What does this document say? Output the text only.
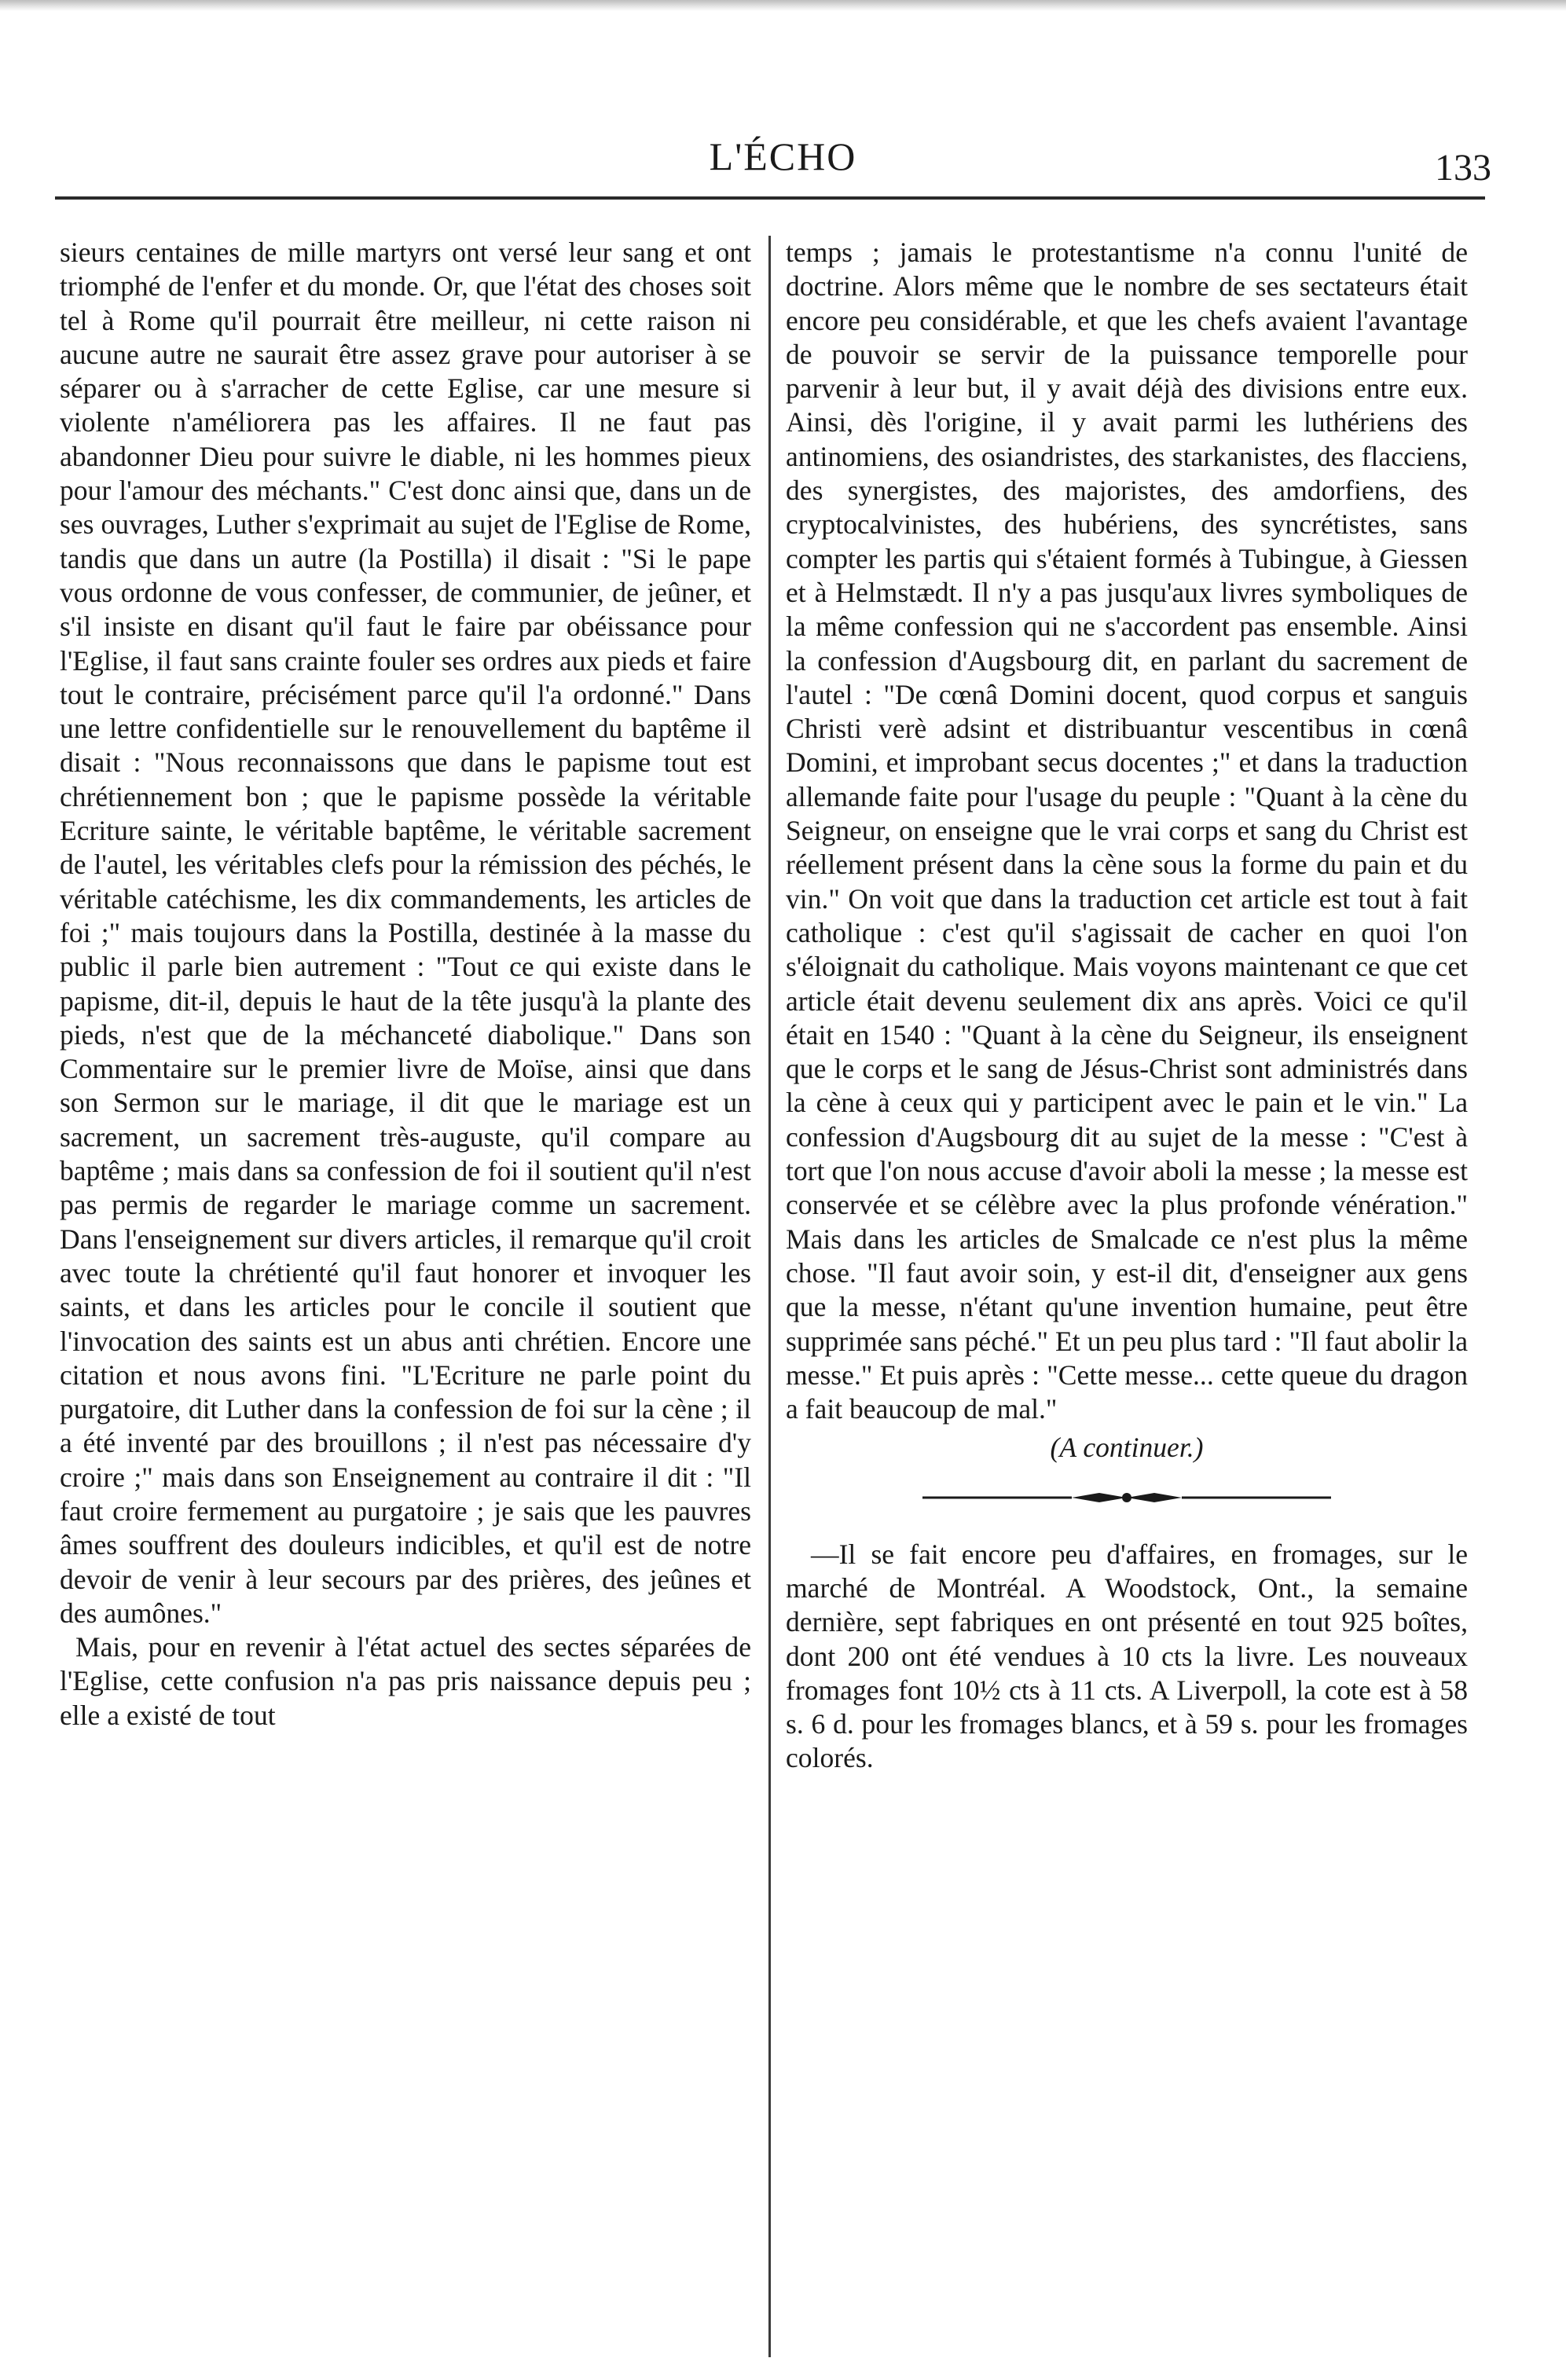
L'ÉCHO	133

sieurs centaines de mille martyrs ont versé leur sang et ont triomphé de l'enfer et du monde. Or, que l'état des choses soit tel à Rome qu'il pourrait être meilleur, ni cette raison ni aucune autre ne saurait être assez grave pour autoriser à se séparer ou à s'arracher de cette Eglise, car une mesure si violente n'améliorera pas les affaires. Il ne faut pas abandonner Dieu pour suivre le diable, ni les hommes pieux pour l'amour des méchants." C'est donc ainsi que, dans un de ses ouvrages, Luther s'exprimait au sujet de l'Eglise de Rome, tandis que dans un autre (la Postilla) il disait : "Si le pape vous ordonne de vous confesser, de communier, de jeûner, et s'il insiste en disant qu'il faut le faire par obéissance pour l'Eglise, il faut sans crainte fouler ses ordres aux pieds et faire tout le contraire, précisément parce qu'il l'a ordonné." Dans une lettre confidentielle sur le renouvellement du baptême il disait : "Nous reconnaissons que dans le papisme tout est chrétiennement bon ; que le papisme possède la véritable Ecriture sainte, le véritable baptême, le véritable sacrement de l'autel, les véritables clefs pour la rémission des péchés, le véritable catéchisme, les dix commandements, les articles de foi ;" mais toujours dans la Postilla, destinée à la masse du public il parle bien autrement : "Tout ce qui existe dans le papisme, dit-il, depuis le haut de la tête jusqu'à la plante des pieds, n'est que de la méchanceté diabolique." Dans son Commentaire sur le premier livre de Moïse, ainsi que dans son Sermon sur le mariage, il dit que le mariage est un sacrement, un sacrement très-auguste, qu'il compare au baptême ; mais dans sa confession de foi il soutient qu'il n'est pas permis de regarder le mariage comme un sacrement. Dans l'enseignement sur divers articles, il remarque qu'il croit avec toute la chrétienté qu'il faut honorer et invoquer les saints, et dans les articles pour le concile il soutient que l'invocation des saints est un abus anti chrétien. Encore une citation et nous avons fini. "L'Ecriture ne parle point du purgatoire, dit Luther dans la confession de foi sur la cène ; il a été inventé par des brouillons ; il n'est pas nécessaire d'y croire ;" mais dans son Enseignement au contraire il dit : "Il faut croire fermement au purgatoire ; je sais que les pauvres âmes souffrent des douleurs indicibles, et qu'il est de notre devoir de venir à leur secours par des prières, des jeûnes et des aumônes."

Mais, pour en revenir à l'état actuel des sectes séparées de l'Eglise, cette confusion n'a pas pris naissance depuis peu ; elle a existé de tout

temps ; jamais le protestantisme n'a connu l'unité de doctrine. Alors même que le nombre de ses sectateurs était encore peu considérable, et que les chefs avaient l'avantage de pouvoir se servir de la puissance temporelle pour parvenir à leur but, il y avait déjà des divisions entre eux. Ainsi, dès l'origine, il y avait parmi les luthériens des antinomiens, des osiandristes, des starkanistes, des flacciens, des synergistes, des majoristes, des amdorfiens, des cryptocalvinistes, des hubériens, des syncrétistes, sans compter les partis qui s'étaient formés à Tubingue, à Giessen et à Helmstædt. Il n'y a pas jusqu'aux livres symboliques de la même confession qui ne s'accordent pas ensemble. Ainsi la confession d'Augsbourg dit, en parlant du sacrement de l'autel : "De cœnâ Domini docent, quod corpus et sanguis Christi verè adsint et distribuantur vescentibus in cœnâ Domini, et improbant secus docentes ;" et dans la traduction allemande faite pour l'usage du peuple : "Quant à la cène du Seigneur, on enseigne que le vrai corps et sang du Christ est réellement présent dans la cène sous la forme du pain et du vin." On voit que dans la traduction cet article est tout à fait catholique : c'est qu'il s'agissait de cacher en quoi l'on s'éloignait du catholique. Mais voyons maintenant ce que cet article était devenu seulement dix ans après. Voici ce qu'il était en 1540 : "Quant à la cène du Seigneur, ils enseignent que le corps et le sang de Jésus-Christ sont administrés dans la cène à ceux qui y participent avec le pain et le vin." La confession d'Augsbourg dit au sujet de la messe : "C'est à tort que l'on nous accuse d'avoir aboli la messe ; la messe est conservée et se célèbre avec la plus profonde vénération." Mais dans les articles de Smalcade ce n'est plus la même chose. "Il faut avoir soin, y est-il dit, d'enseigner aux gens que la messe, n'étant qu'une invention humaine, peut être supprimée sans péché." Et un peu plus tard : "Il faut abolir la messe." Et puis après : "Cette messe... cette queue du dragon a fait beaucoup de mal."

(A continuer.)

—Il se fait encore peu d'affaires, en fromages, sur le marché de Montréal. A Woodstock, Ont., la semaine dernière, sept fabriques en ont présenté en tout 925 boîtes, dont 200 ont été vendues à 10 cts la livre. Les nouveaux fromages font 10½ cts à 11 cts. A Liverpoll, la cote est à 58 s. 6 d. pour les fromages blancs, et à 59 s. pour les fromages colorés.
